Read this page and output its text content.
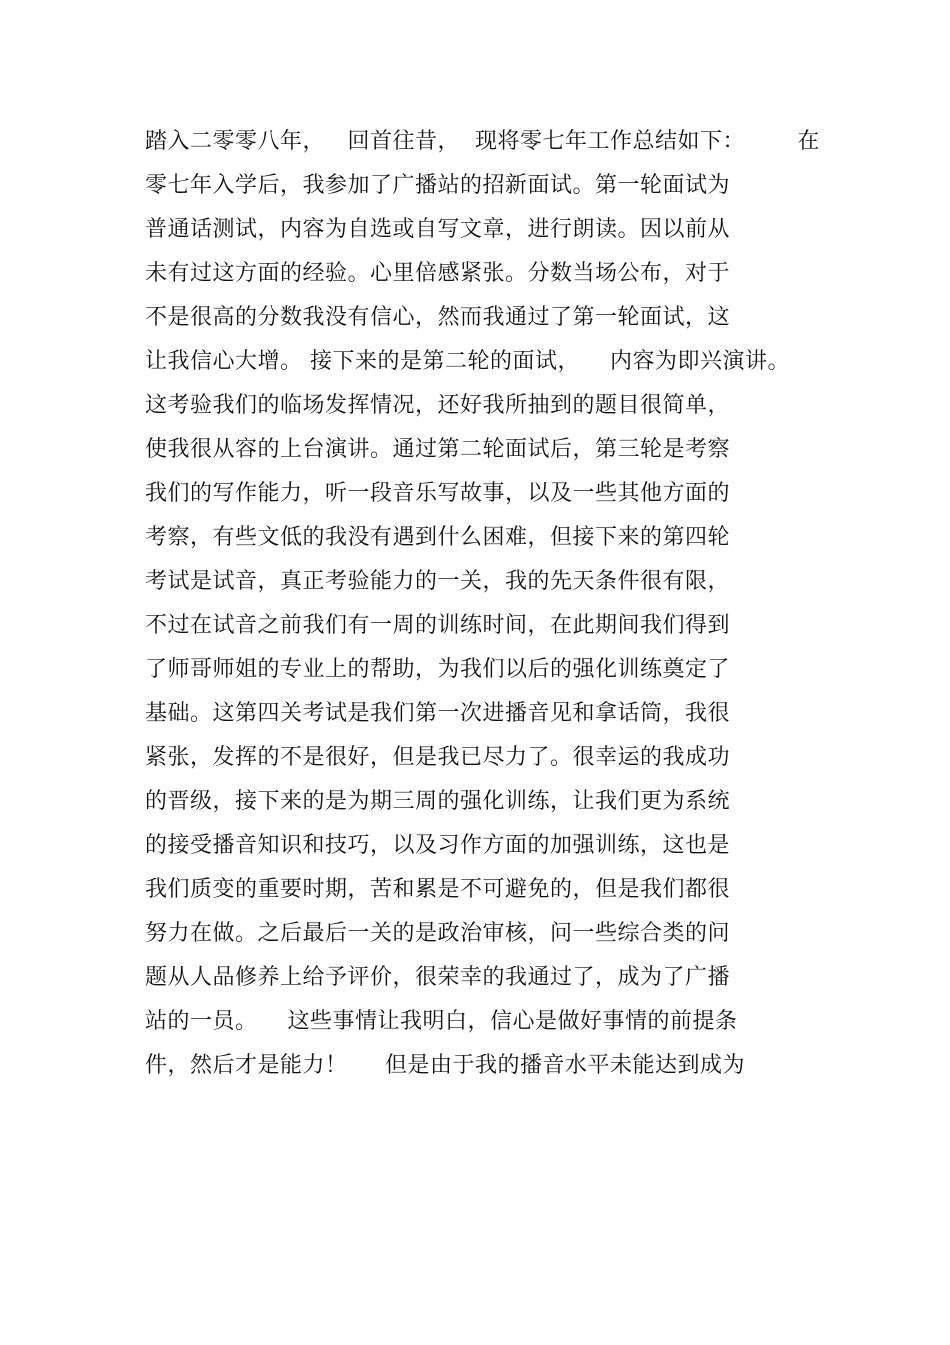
踏入二零零八年，   回首往昔，  现将零七年工作总结如下：       在
零七年入学后，我参加了广播站的招新面试。第一轮面试为
普通话测试，内容为自选或自写文章，进行朗读。因以前从
未有过这方面的经验。心里倍感紧张。分数当场公布，对于
不是很高的分数我没有信心，然而我通过了第一轮面试，这
让我信心大增。 接下来的是第二轮的面试，    内容为即兴演讲。
这考验我们的临场发挥情况，还好我所抽到的题目很简单，
使我很从容的上台演讲。通过第二轮面试后，第三轮是考察
我们的写作能力，听一段音乐写故事，以及一些其他方面的
考察，有些文低的我没有遇到什么困难，但接下来的第四轮
考试是试音，真正考验能力的一关，我的先天条件很有限，
不过在试音之前我们有一周的训练时间，在此期间我们得到
了师哥师姐的专业上的帮助，为我们以后的强化训练奠定了
基础。这第四关考试是我们第一次进播音见和拿话筒，我很
紧张，发挥的不是很好，但是我已尽力了。很幸运的我成功
的晋级，接下来的是为期三周的强化训练，让我们更为系统
的接受播音知识和技巧，以及习作方面的加强训练，这也是
我们质变的重要时期，苦和累是不可避免的，但是我们都很
努力在做。之后最后一关的是政治审核，问一些综合类的问
题从人品修养上给予评价，很荣幸的我通过了，成为了广播
站的一员。    这些事情让我明白，信心是做好事情的前提条
件，然后才是能力！     但是由于我的播音水平未能达到成为
